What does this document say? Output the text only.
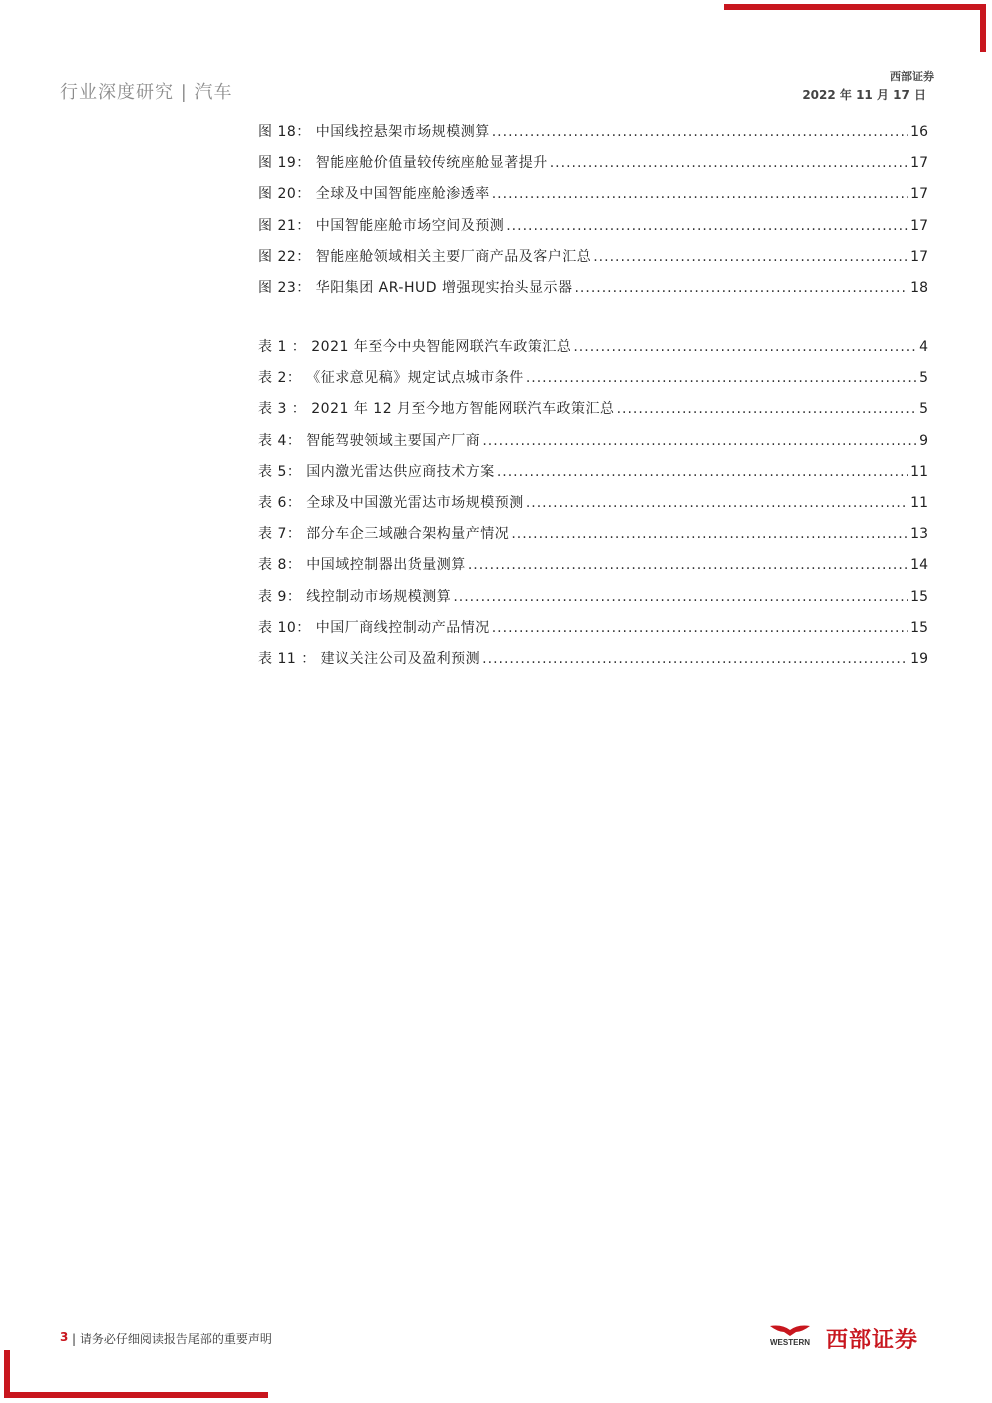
行业深度研究 | 汽车
西部证券
2022 年 11 月 17 日
图 18： 中国线控悬架市场规模测算 .....	16
图 19： 智能座舱价值量较传统座舱显著提升 .....	17
图 20： 全球及中国智能座舱渗透率 .....	17
图 21： 中国智能座舱市场空间及预测 .....	17
图 22： 智能座舱领域相关主要厂商产品及客户汇总 .....	17
图 23： 华阳集团 AR-HUD 增强现实抬头显示器 .....	18
表 1 ： 2021 年至今中央智能网联汽车政策汇总 .....	4
表 2： 《征求意见稿》规定试点城市条件 .....	5
表 3 ： 2021 年 12 月至今地方智能网联汽车政策汇总 .....	5
表 4： 智能驾驶领域主要国产厂商 .....	9
表 5： 国内激光雷达供应商技术方案 .....	11
表 6： 全球及中国激光雷达市场规模预测 .....	11
表 7： 部分车企三域融合架构量产情况 .....	13
表 8： 中国域控制器出货量测算 .....	14
表 9： 线控制动市场规模测算 .....	15
表 10： 中国厂商线控制动产品情况 .....	15
表 11 ： 建议关注公司及盈利预测 .....	19
3 | 请务必仔细阅读报告尾部的重要声明	WESTERN 西部证券
